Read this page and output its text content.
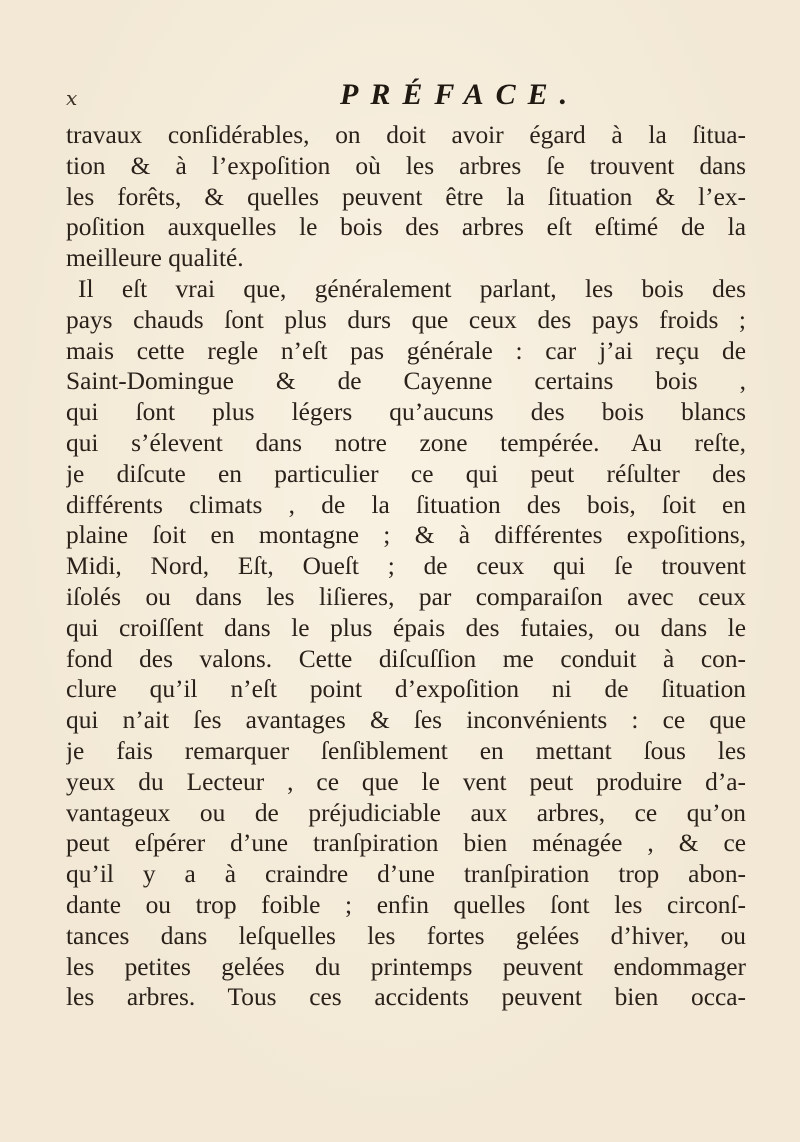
x	PRÉFACE.
travaux conſidérables, on doit avoir égard à la ſitua-
tion & à l’expoſition où les arbres ſe trouvent dans
les forêts, & quelles peuvent être la ſituation & l’ex-
poſition auxquelles le bois des arbres eſt eſtimé de la
meilleure qualité.
Il eſt vrai que, généralement parlant, les bois des
pays chauds ſont plus durs que ceux des pays froids ;
mais cette regle n’eſt pas générale : car j’ai reçu de
Saint-Domingue & de Cayenne certains bois ,
qui ſont plus légers qu’aucuns des bois blancs
qui s’élevent dans notre zone tempérée. Au reſte,
je diſcute en particulier ce qui peut réſulter des
différents climats , de la ſituation des bois, ſoit en
plaine ſoit en montagne ; & à différentes expoſitions,
Midi, Nord, Eſt, Oueſt ; de ceux qui ſe trouvent
iſolés ou dans les liſieres, par comparaiſon avec ceux
qui croiſſent dans le plus épais des futaies, ou dans le
fond des valons. Cette diſcuſſion me conduit à con-
clure qu’il n’eſt point d’expoſition ni de ſituation
qui n’ait ſes avantages & ſes inconvénients : ce que
je fais remarquer ſenſiblement en mettant ſous les
yeux du Lecteur , ce que le vent peut produire d’a-
vantageux ou de préjudiciable aux arbres, ce qu’on
peut eſpérer d’une tranſpiration bien ménagée , & ce
qu’il y a à craindre d’une tranſpiration trop abon-
dante ou trop foible ; enfin quelles ſont les circonſ-
tances dans leſquelles les fortes gelées d’hiver, ou
les petites gelées du printemps peuvent endommager
les arbres. Tous ces accidents peuvent bien occa-
